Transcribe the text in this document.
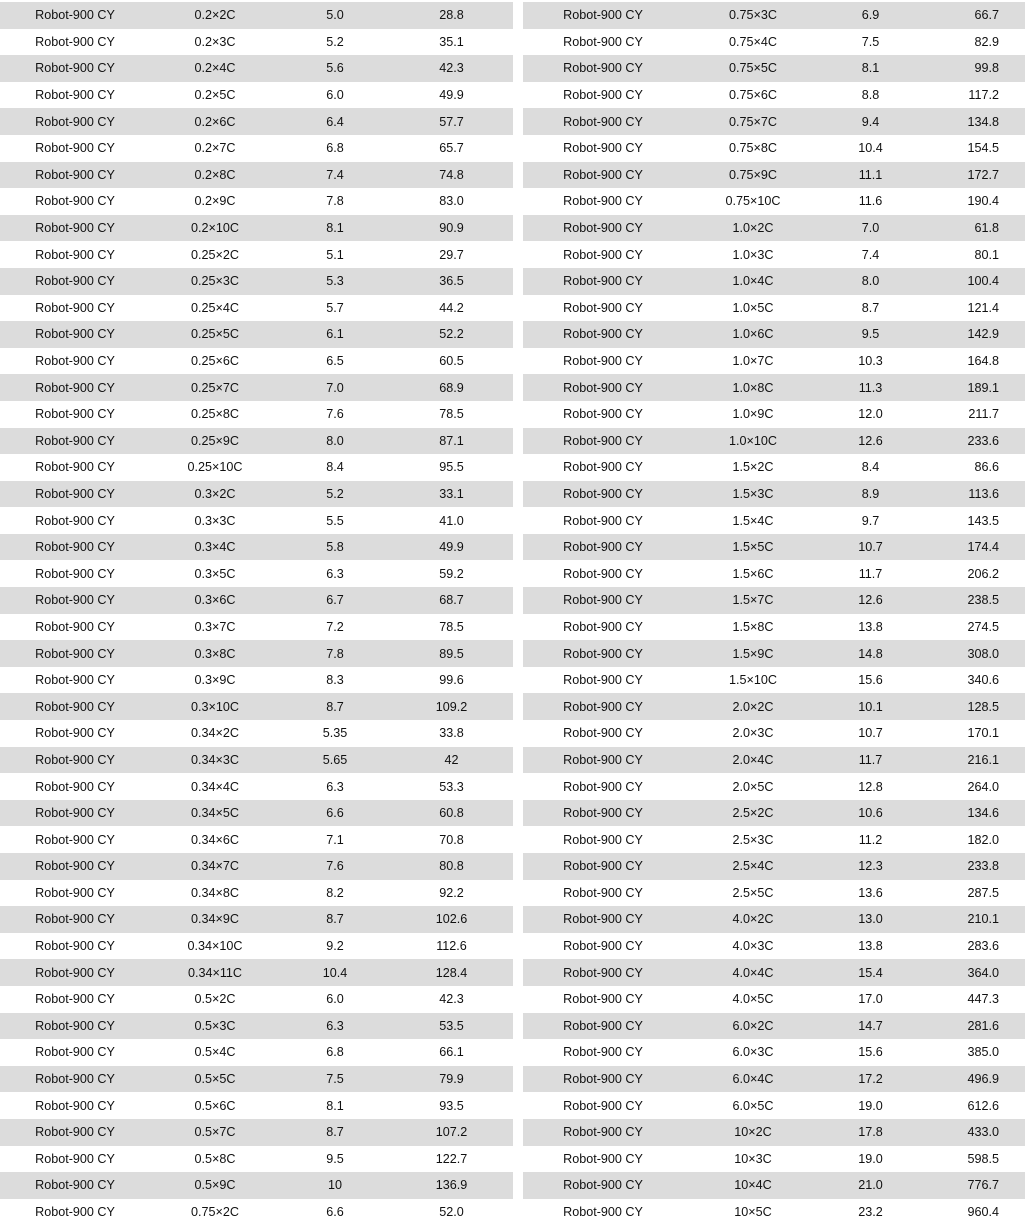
Robot-900 CY	0.2×2C	5.0	28.8
Robot-900 CY	0.2×3C	5.2	35.1
Robot-900 CY	0.2×4C	5.6	42.3
Robot-900 CY	0.2×5C	6.0	49.9
Robot-900 CY	0.2×6C	6.4	57.7
Robot-900 CY	0.2×7C	6.8	65.7
Robot-900 CY	0.2×8C	7.4	74.8
Robot-900 CY	0.2×9C	7.8	83.0
Robot-900 CY	0.2×10C	8.1	90.9
Robot-900 CY	0.25×2C	5.1	29.7
Robot-900 CY	0.25×3C	5.3	36.5
Robot-900 CY	0.25×4C	5.7	44.2
Robot-900 CY	0.25×5C	6.1	52.2
Robot-900 CY	0.25×6C	6.5	60.5
Robot-900 CY	0.25×7C	7.0	68.9
Robot-900 CY	0.25×8C	7.6	78.5
Robot-900 CY	0.25×9C	8.0	87.1
Robot-900 CY	0.25×10C	8.4	95.5
Robot-900 CY	0.3×2C	5.2	33.1
Robot-900 CY	0.3×3C	5.5	41.0
Robot-900 CY	0.3×4C	5.8	49.9
Robot-900 CY	0.3×5C	6.3	59.2
Robot-900 CY	0.3×6C	6.7	68.7
Robot-900 CY	0.3×7C	7.2	78.5
Robot-900 CY	0.3×8C	7.8	89.5
Robot-900 CY	0.3×9C	8.3	99.6
Robot-900 CY	0.3×10C	8.7	109.2
Robot-900 CY	0.34×2C	5.35	33.8
Robot-900 CY	0.34×3C	5.65	42
Robot-900 CY	0.34×4C	6.3	53.3
Robot-900 CY	0.34×5C	6.6	60.8
Robot-900 CY	0.34×6C	7.1	70.8
Robot-900 CY	0.34×7C	7.6	80.8
Robot-900 CY	0.34×8C	8.2	92.2
Robot-900 CY	0.34×9C	8.7	102.6
Robot-900 CY	0.34×10C	9.2	112.6
Robot-900 CY	0.34×11C	10.4	128.4
Robot-900 CY	0.5×2C	6.0	42.3
Robot-900 CY	0.5×3C	6.3	53.5
Robot-900 CY	0.5×4C	6.8	66.1
Robot-900 CY	0.5×5C	7.5	79.9
Robot-900 CY	0.5×6C	8.1	93.5
Robot-900 CY	0.5×7C	8.7	107.2
Robot-900 CY	0.5×8C	9.5	122.7
Robot-900 CY	0.5×9C	10	136.9
Robot-900 CY	0.75×2C	6.6	52.0
Robot-900 CY	0.75×3C	6.9	66.7
Robot-900 CY	0.75×4C	7.5	82.9
Robot-900 CY	0.75×5C	8.1	99.8
Robot-900 CY	0.75×6C	8.8	117.2
Robot-900 CY	0.75×7C	9.4	134.8
Robot-900 CY	0.75×8C	10.4	154.5
Robot-900 CY	0.75×9C	11.1	172.7
Robot-900 CY	0.75×10C	11.6	190.4
Robot-900 CY	1.0×2C	7.0	61.8
Robot-900 CY	1.0×3C	7.4	80.1
Robot-900 CY	1.0×4C	8.0	100.4
Robot-900 CY	1.0×5C	8.7	121.4
Robot-900 CY	1.0×6C	9.5	142.9
Robot-900 CY	1.0×7C	10.3	164.8
Robot-900 CY	1.0×8C	11.3	189.1
Robot-900 CY	1.0×9C	12.0	211.7
Robot-900 CY	1.0×10C	12.6	233.6
Robot-900 CY	1.5×2C	8.4	86.6
Robot-900 CY	1.5×3C	8.9	113.6
Robot-900 CY	1.5×4C	9.7	143.5
Robot-900 CY	1.5×5C	10.7	174.4
Robot-900 CY	1.5×6C	11.7	206.2
Robot-900 CY	1.5×7C	12.6	238.5
Robot-900 CY	1.5×8C	13.8	274.5
Robot-900 CY	1.5×9C	14.8	308.0
Robot-900 CY	1.5×10C	15.6	340.6
Robot-900 CY	2.0×2C	10.1	128.5
Robot-900 CY	2.0×3C	10.7	170.1
Robot-900 CY	2.0×4C	11.7	216.1
Robot-900 CY	2.0×5C	12.8	264.0
Robot-900 CY	2.5×2C	10.6	134.6
Robot-900 CY	2.5×3C	11.2	182.0
Robot-900 CY	2.5×4C	12.3	233.8
Robot-900 CY	2.5×5C	13.6	287.5
Robot-900 CY	4.0×2C	13.0	210.1
Robot-900 CY	4.0×3C	13.8	283.6
Robot-900 CY	4.0×4C	15.4	364.0
Robot-900 CY	4.0×5C	17.0	447.3
Robot-900 CY	6.0×2C	14.7	281.6
Robot-900 CY	6.0×3C	15.6	385.0
Robot-900 CY	6.0×4C	17.2	496.9
Robot-900 CY	6.0×5C	19.0	612.6
Robot-900 CY	10×2C	17.8	433.0
Robot-900 CY	10×3C	19.0	598.5
Robot-900 CY	10×4C	21.0	776.7
Robot-900 CY	10×5C	23.2	960.4
